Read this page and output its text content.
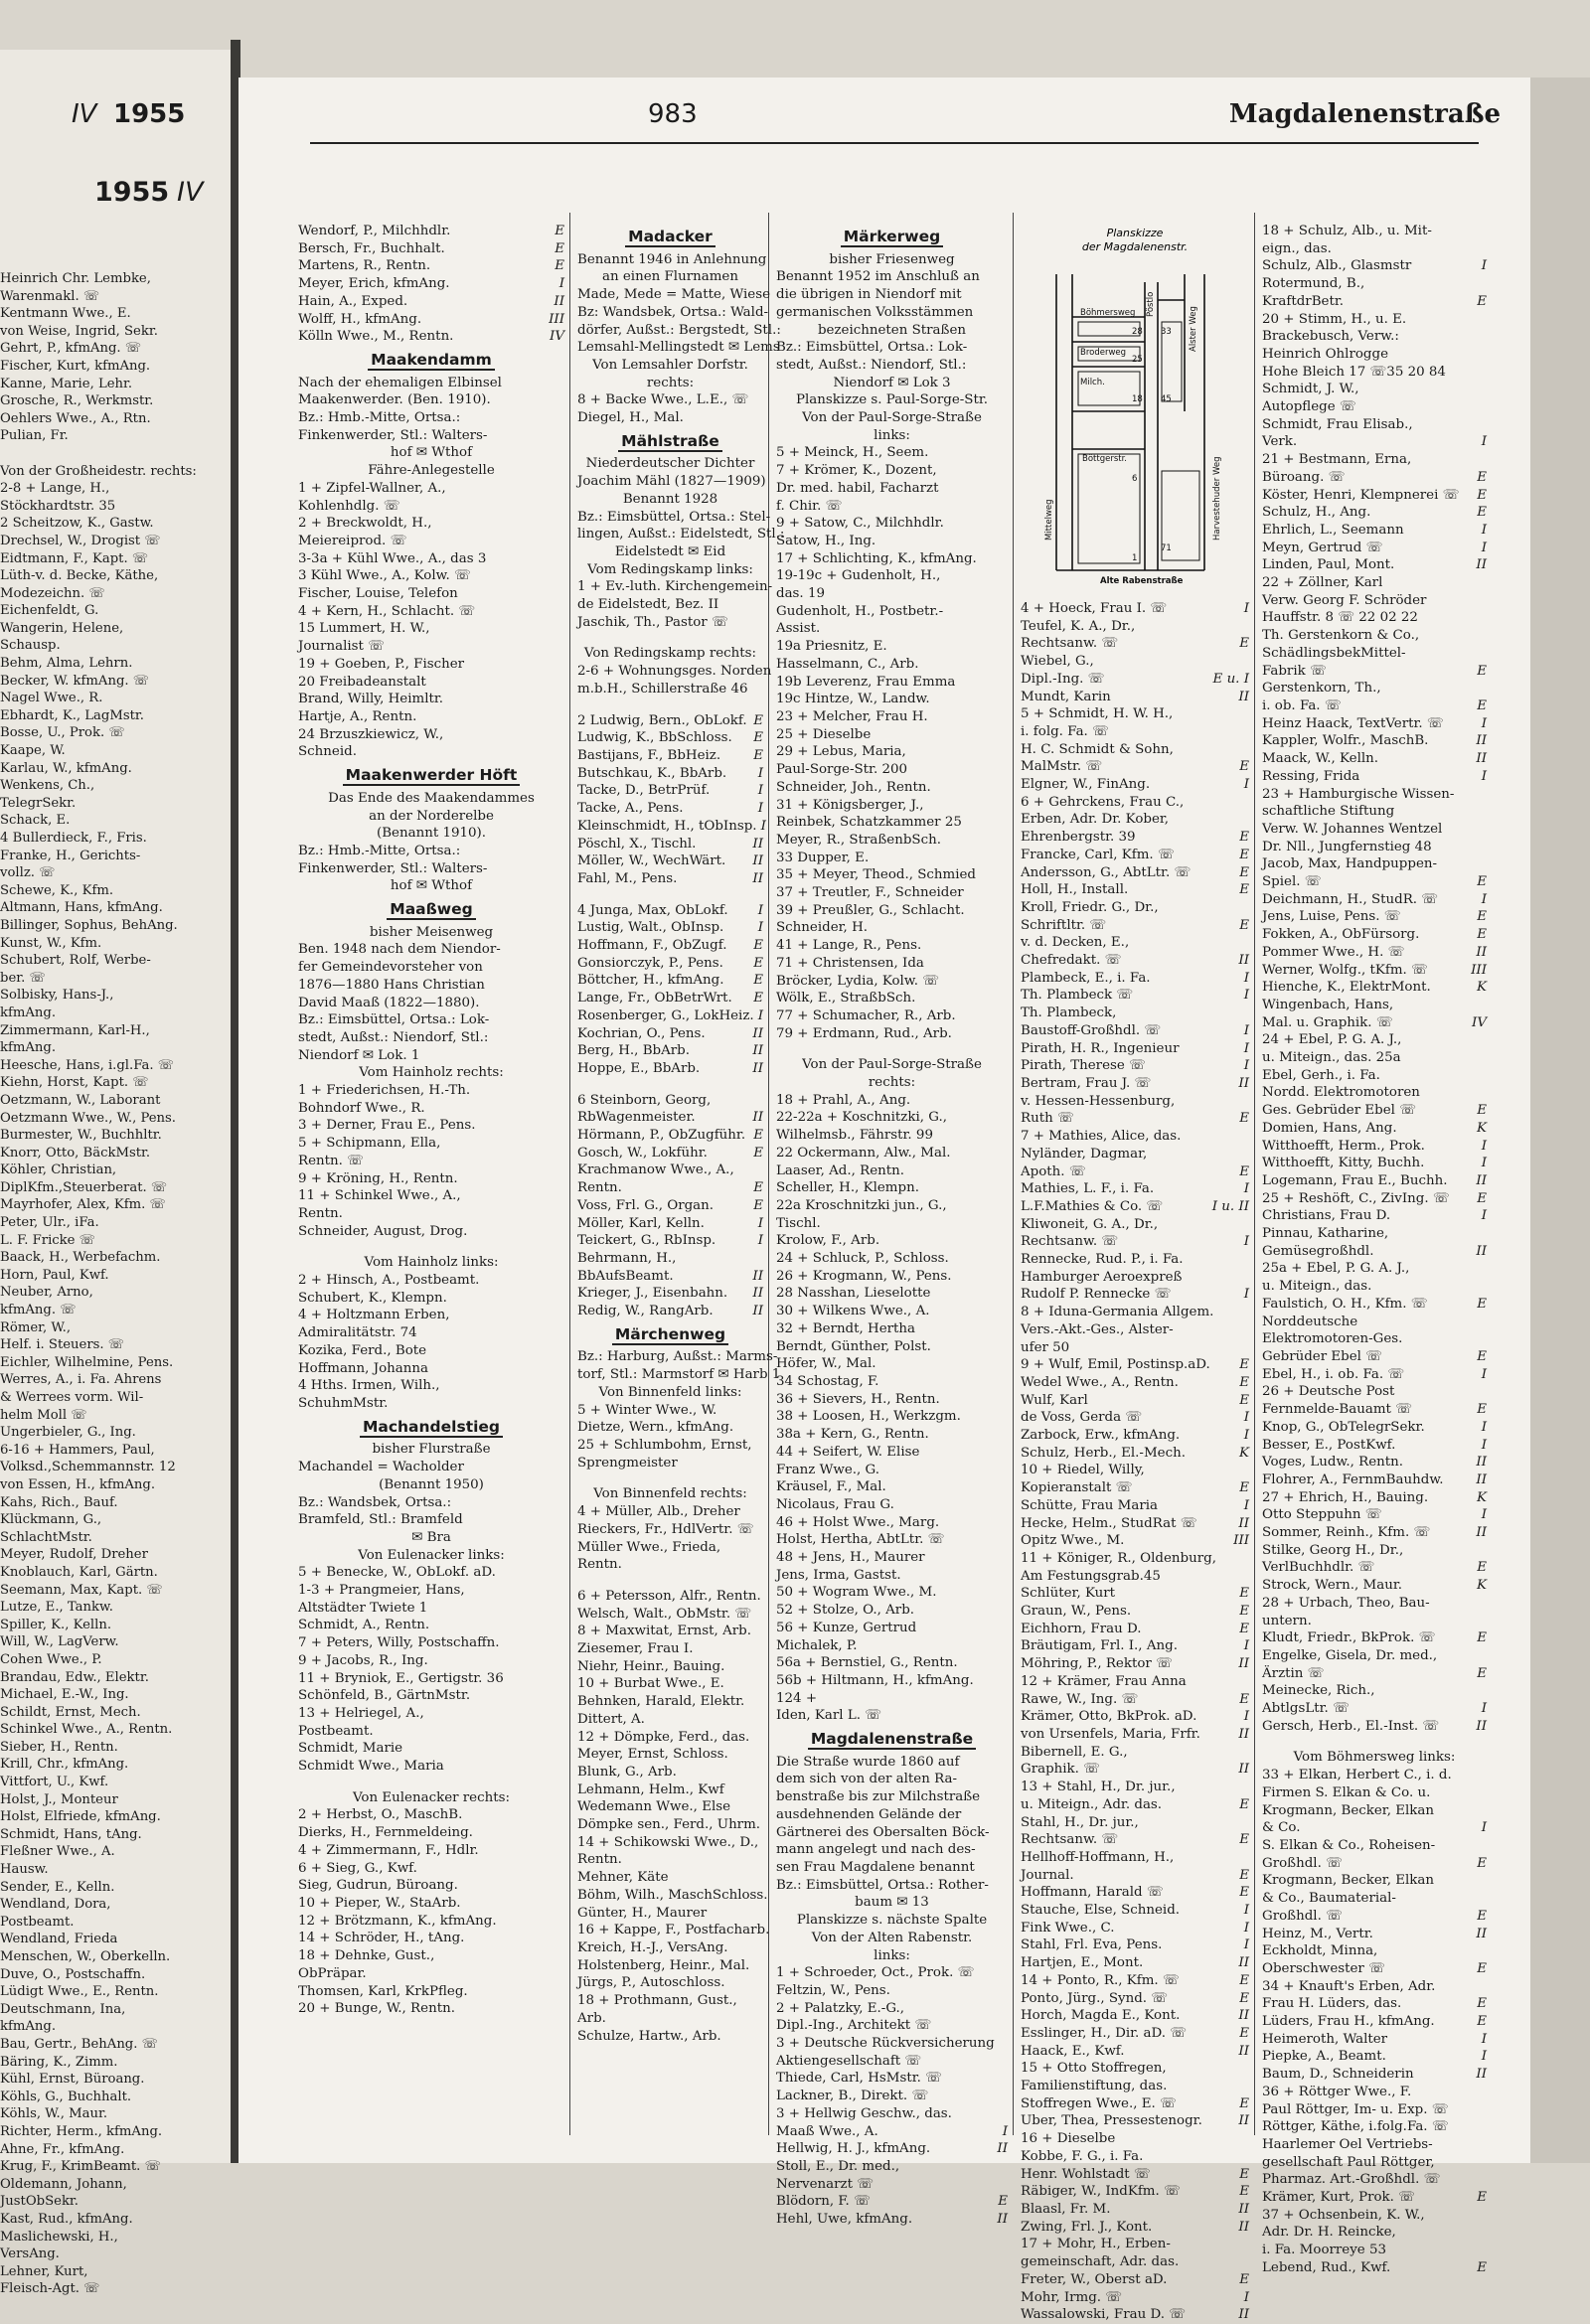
1955 IV
Heinrich Chr. Lembke,
Warenmakl. ☏
Kentmann Wwe., E.
von Weise, Ingrid, Sekr.
Gehrt, P., kfmAng. ☏
Fischer, Kurt, kfmAng.
Kanne, Marie, Lehr.
Grosche, R., Werkmstr.
Oehlers Wwe., A., Rtn.
Pulian, Fr.

Von der Großheidestr. rechts:
2-8 + Lange, H.,
Stöckhardtstr. 35
2 Scheitzow, K., Gastw.
Drechsel, W., Drogist ☏
Eidtmann, F., Kapt. ☏
Lüth-v. d. Becke, Käthe,
Modezeichn. ☏
Eichenfeldt, G.
Wangerin, Helene,
Schausp.
Behm, Alma, Lehrn.
Becker, W. kfmAng. ☏
Nagel Wwe., R.
Ebhardt, K., LagMstr.
Bosse, U., Prok. ☏
Kaape, W.
Karlau, W., kfmAng.
Wenkens, Ch.,
TelegrSekr.
Schack, E.
4 Bullerdieck, F., Fris.
Franke, H., Gerichts-
vollz. ☏
Schewe, K., Kfm.
Altmann, Hans, kfmAng.
Billinger, Sophus, BehAng.
Kunst, W., Kfm.
Schubert, Rolf, Werbe-
ber. ☏
Solbisky, Hans-J.,
kfmAng.
Zimmermann, Karl-H.,
kfmAng.
Heesche, Hans, i.gl.Fa. ☏
Kiehn, Horst, Kapt. ☏
Oetzmann, W., Laborant
Oetzmann Wwe., W., Pens.
Burmester, W., Buchhltr.
Knorr, Otto, BäckMstr.
Köhler, Christian,
DiplKfm.,Steuerberat. ☏
Mayrhofer, Alex, Kfm. ☏
Peter, Ulr., iFa.
L. F. Fricke ☏
Baack, H., Werbefachm.
Horn, Paul, Kwf.
Neuber, Arno,
kfmAng. ☏
Römer, W.,
Helf. i. Steuers. ☏
Eichler, Wilhelmine, Pens.
Werres, A., i. Fa. Ahrens
& Werrees vorm. Wil-
helm Moll ☏
Ungerbieler, G., Ing.
6-16 + Hammers, Paul,
Volksd.,Schemmannstr. 12
von Essen, H., kfmAng.
Kahs, Rich., Bauf.
Klückmann, G.,
SchlachtMstr.
Meyer, Rudolf, Dreher
Knoblauch, Karl, Gärtn.
Seemann, Max, Kapt. ☏
Lutze, E., Tankw.
Spiller, K., Kelln.
Will, W., LagVerw.
Cohen Wwe., P.
Brandau, Edw., Elektr.
Michael, E.-W., Ing.
Schildt, Ernst, Mech.
Schinkel Wwe., A., Rentn.
Sieber, H., Rentn.
Krill, Chr., kfmAng.
Vittfort, U., Kwf.
Holst, J., Monteur
Holst, Elfriede, kfmAng.
Schmidt, Hans, tAng.
Fleßner Wwe., A.
Hausw.
Sender, E., Kelln.
Wendland, Dora,
Postbeamt.
Wendland, Frieda
Menschen, W., Oberkelln.
Duve, O., Postschaffn.
Lüdigt Wwe., E., Rentn.
Deutschmann, Ina,
kfmAng.
Bau, Gertr., BehAng. ☏
Bäring, K., Zimm.
Kühl, Ernst, Büroang.
Köhls, G., Buchhalt.
Köhls, W., Maur.
Richter, Herm., kfmAng.
Ahne, Fr., kfmAng.
Krug, F., KrimBeamt. ☏
Oldemann, Johann,
JustObSekr.
Kast, Rud., kfmAng.
Maslichewski, H.,
VersAng.
Lehner, Kurt,
Fleisch-Agt. ☏
IV 1955	983	Magdalenenstraße
Wendorf, P., Milchhdlr.	E
Bersch, Fr., Buchhalt.	E
Martens, R., Rentn.	E
Meyer, Erich, kfmAng.	I
Hain, A., Exped.	II
Wolff, H., kfmAng.	III
Kölln Wwe., M., Rentn.	IV
Maakendamm
Nach der ehemaligen Elbinsel
Maakenwerder. (Ben. 1910).
Bz.: Hmb.-Mitte, Ortsa.:
Finkenwerder, Stl.: Walters-
hof ✉ Wthof
Fähre-Anlegestelle
1 + Zipfel-Wallner, A.,
Kohlenhdlg. ☏
2 + Breckwoldt, H.,
Meiereiprod. ☏
3-3a + Kühl Wwe., A., das 3
3 Kühl Wwe., A., Kolw. ☏
Fischer, Louise, Telefon
4 + Kern, H., Schlacht. ☏
15 Lummert, H. W.,
Journalist ☏
19 + Goeben, P., Fischer
20 Freibadeanstalt
Brand, Willy, Heimltr.
Hartje, A., Rentn.
24 Brzuszkiewicz, W.,
Schneid.
Maakenwerder Höft
Das Ende des Maakendammes
an der Norderelbe
(Benannt 1910).
Bz.: Hmb.-Mitte, Ortsa.:
Finkenwerder, Stl.: Walters-
hof ✉ Wthof
Maaßweg
bisher Meisenweg
Ben. 1948 nach dem Niendor-
fer Gemeindevorsteher von
1876—1880 Hans Christian
David Maaß (1822—1880).
Bz.: Eimsbüttel, Ortsa.: Lok-
stedt, Außst.: Niendorf, Stl.:
Niendorf ✉ Lok. 1
Vom Hainholz rechts:
1 + Friederichsen, H.-Th.
Bohndorf Wwe., R.
3 + Derner, Frau E., Pens.
5 + Schipmann, Ella,
Rentn. ☏
9 + Kröning, H., Rentn.
11 + Schinkel Wwe., A.,
Rentn.
Schneider, August, Drog.
Vom Hainholz links:
2 + Hinsch, A., Postbeamt.
Schubert, K., Klempn.
4 + Holtzmann Erben,
Admiralitätstr. 74
Kozika, Ferd., Bote
Hoffmann, Johanna
4 Hths. Irmen, Wilh.,
SchuhmMstr.
Machandelstieg
bisher Flurstraße
Machandel = Wacholder
(Benannt 1950)
Bz.: Wandsbek, Ortsa.:
Bramfeld, Stl.: Bramfeld
✉ Bra
Von Eulenacker links:
5 + Benecke, W., ObLokf. aD.
1-3 + Prangmeier, Hans,
Altstädter Twiete 1
Schmidt, A., Rentn.
7 + Peters, Willy, Postschaffn.
9 + Jacobs, R., Ing.
11 + Bryniok, E., Gertigstr. 36
Schönfeld, B., GärtnMstr.
13 + Helriegel, A.,
Postbeamt.
Schmidt, Marie
Schmidt Wwe., Maria
Von Eulenacker rechts:
2 + Herbst, O., MaschB.
Dierks, H., Fernmeldeing.
4 + Zimmermann, F., Hdlr.
6 + Sieg, G., Kwf.
Sieg, Gudrun, Büroang.
10 + Pieper, W., StaArb.
12 + Brötzmann, K., kfmAng.
14 + Schröder, H., tAng.
18 + Dehnke, Gust.,
ObPräpar.
Thomsen, Karl, KrkPfleg.
20 + Bunge, W., Rentn.
Madacker
Benannt 1946 in Anlehnung
an einen Flurnamen
Made, Mede = Matte, Wiese
Bz: Wandsbek, Ortsa.: Wald-
dörfer, Außst.: Bergstedt, Stl.:
Lemsahl-Mellingstedt ✉ Lems
Von Lemsahler Dorfstr.
rechts:
8 + Backe Wwe., L.E., ☏
Diegel, H., Mal.
Mählstraße
Niederdeutscher Dichter
Joachim Mähl (1827—1909)
Benannt 1928
Bz.: Eimsbüttel, Ortsa.: Stel-
lingen, Außst.: Eidelstedt, Stl.:
Eidelstedt ✉ Eid
Vom Redingskamp links:
1 + Ev.-luth. Kirchengemein-
de Eidelstedt, Bez. II
Jaschik, Th., Pastor ☏
Von Redingskamp rechts:
2-6 + Wohnungsges. Norden
m.b.H., Schillerstraße 46
2 Ludwig, Bern., ObLokf. E
Ludwig, K., BbSchloss. E
Bastijans, F., BbHeiz. E
Butschkau, K., BbArb. I
Tacke, D., BetrPrüf.	I
Tacke, A., Pens.	I
Kleinschmidt, H., tObInsp. I
Pöschl, X., Tischl.	II
Möller, W., WechWärt. II
Fahl, M., Pens.	II
4 Junga, Max, ObLokf. I
Lustig, Walt., ObInsp.	I
Hoffmann, F., ObZugf. E
Gonsiorczyk, P., Pens. E
Böttcher, H., kfmAng. E
Lange, Fr., ObBetrWrt. E
Rosenberger, G., LokHeiz. I
Kochrian, O., Pens.	II
Berg, H., BbArb.	II
Hoppe, E., BbArb.	II
6 Steinborn, Georg,
RbWagenmeister.	II
Hörmann, P., ObZugführ. E
Gosch, W., Lokführ.	E
Krachmanow Wwe., A.,
Rentn.	E
Voss, Frl. G., Organ.	E
Möller, Karl, Kelln.	I
Teickert, G., RbInsp.	I
Behrmann, H.,
BbAufsBeamt.	II
Krieger, J., Eisenbahn. II
Redig, W., RangArb.	II
Märchenweg
Bz.: Harburg, Außst.: Marms-
torf, Stl.: Marmstorf ✉ Harb 1
Von Binnenfeld links:
5 + Winter Wwe., W.
Dietze, Wern., kfmAng.
25 + Schlumbohm, Ernst,
Sprengmeister
Von Binnenfeld rechts:
4 + Müller, Alb., Dreher
Rieckers, Fr., HdlVertr. ☏
Müller Wwe., Frieda,
Rentn.
6 + Petersson, Alfr., Rentn.
Welsch, Walt., ObMstr. ☏
8 + Maxwitat, Ernst, Arb.
Ziesemer, Frau I.
Niehr, Heinr., Bauing.
10 + Burbat Wwe., E.
Behnken, Harald, Elektr.
Dittert, A.
12 + Dömpke, Ferd., das.
Meyer, Ernst, Schloss.
Blunk, G., Arb.
Lehmann, Helm., Kwf
Wedemann Wwe., Else
Dömpke sen., Ferd., Uhrm.
14 + Schikowski Wwe., D.,
Rentn.
Mehner, Käte
Böhm, Wilh., MaschSchloss.
Günter, H., Maurer
16 + Kappe, F., Postfacharb.
Kreich, H.-J., VersAng.
Holstenberg, Heinr., Mal.
Jürgs, P., Autoschloss.
18 + Prothmann, Gust.,
Arb.
Schulze, Hartw., Arb.
Märkerweg
bisher Friesenweg
Benannt 1952 im Anschluß an
die übrigen in Niendorf mit
germanischen Volksstämmen
bezeichneten Straßen
Bz.: Eimsbüttel, Ortsa.: Lok-
stedt, Außst.: Niendorf, Stl.:
Niendorf ✉ Lok 3
Planskizze s. Paul-Sorge-Str.
Von der Paul-Sorge-Straße
links:
5 + Meinck, H., Seem.
7 + Krömer, K., Dozent,
Dr. med. habil, Facharzt
f. Chir. ☏
9 + Satow, C., Milchhdlr.
Satow, H., Ing.
17 + Schlichting, K., kfmAng.
19-19c + Gudenholt, H.,
das. 19
Gudenholt, H., Postbetr.-
Assist.
19a Priesnitz, E.
Hasselmann, C., Arb.
19b Leverenz, Frau Emma
19c Hintze, W., Landw.
23 + Melcher, Frau H.
25 + Dieselbe
29 + Lebus, Maria,
Paul-Sorge-Str. 200
Schneider, Joh., Rentn.
31 + Königsberger, J.,
Reinbek, Schatzkammer 25
Meyer, R., StraßenbSch.
33 Dupper, E.
35 + Meyer, Theod., Schmied
37 + Treutler, F., Schneider
39 + Preußler, G., Schlacht.
Schneider, H.
41 + Lange, R., Pens.
71 + Christensen, Ida
Bröcker, Lydia, Kolw. ☏
Wölk, E., StraßbSch.
77 + Schumacher, R., Arb.
79 + Erdmann, Rud., Arb.
Von der Paul-Sorge-Straße
rechts:
18 + Prahl, A., Ang.
22-22a + Koschnitzki, G.,
Wilhelmsb., Fährstr. 99
22 Ockermann, Alw., Mal.
Laaser, Ad., Rentn.
Scheller, H., Klempn.
22a Kroschnitzki jun., G.,
Tischl.
Krolow, F., Arb.
24 + Schluck, P., Schloss.
26 + Krogmann, W., Pens.
28 Nasshan, Lieselotte
30 + Wilkens Wwe., A.
32 + Berndt, Hertha
Berndt, Günther, Polst.
Höfer, W., Mal.
34 Schostag, F.
36 + Sievers, H., Rentn.
38 + Loosen, H., Werkzgm.
38a + Kern, G., Rentn.
44 + Seifert, W. Elise
Franz Wwe., G.
Kräusel, F., Mal.
Nicolaus, Frau G.
46 + Holst Wwe., Marg.
Holst, Hertha, AbtLtr. ☏
48 + Jens, H., Maurer
Jens, Irma, Gastst.
50 + Wogram Wwe., M.
52 + Stolze, O., Arb.
56 + Kunze, Gertrud
Michalek, P.
56a + Bernstiel, G., Rentn.
56b + Hiltmann, H., kfmAng.
124 +
Iden, Karl L. ☏
Magdalenenstraße
Die Straße wurde 1860 auf
dem sich von der alten Ra-
benstraße bis zur Milchstraße
ausdehnenden Gelände der
Gärtnerei des Obersalten Böck-
mann angelegt und nach des-
sen Frau Magdalene benannt
Bz.: Eimsbüttel, Ortsa.: Rother-
baum ✉ 13
Planskizze s. nächste Spalte
Von der Alten Rabenstr.
links:
1 + Schroeder, Oct., Prok. ☏
Feltzin, W., Pens.
2 + Palatzky, E.-G.,
Dipl.-Ing., Architekt ☏
3 + Deutsche Rückversicherung
Aktiengesellschaft ☏
Thiede, Carl, HsMstr. ☏
Lackner, B., Direkt. ☏
3 + Hellwig Geschw., das.
Maaß Wwe., A.	I
Hellwig, H. J., kfmAng.	II
Stoll, E., Dr. med.,
Nervenarzt ☏
Blödorn, F. ☏	E
Hehl, Uwe, kfmAng.	II
Planskizze
der Magdalenenstr.
Böhmersweg
Broderweg
Milch.
Böttgerstr.
Alte Rabenstraße
28
25
18
33
45
71
6
1
Mittelweg	Harvestehuder Weg
Pöstlo
Alster Weg
4 + Hoeck, Frau I. ☏	I
Teufel, K. A., Dr.,
Rechtsanw. ☏	E
Wiebel, G.,
Dipl.-Ing. ☏	E u. I
Mundt, Karin	II
5 + Schmidt, H. W. H.,
i. folg. Fa. ☏
H. C. Schmidt & Sohn,
MalMstr. ☏	E
Elgner, W., FinAng.	I
6 + Gehrckens, Frau C.,
Erben, Adr. Dr. Kober,
Ehrenbergstr. 39	E
Francke, Carl, Kfm. ☏	E
Andersson, G., AbtLtr. ☏	E
Holl, H., Install.	E
Kroll, Friedr. G., Dr.,
Schriftltr. ☏	E
v. d. Decken, E.,
Chefredakt. ☏	II
Plambeck, E., i. Fa.	I
Th. Plambeck ☏	I
Th. Plambeck,
Baustoff-Großhdl. ☏	I
Pirath, H. R., Ingenieur	I
Pirath, Therese ☏	I
Bertram, Frau J. ☏	II
v. Hessen-Hessenburg,
Ruth ☏	E
7 + Mathies, Alice, das.
Nyländer, Dagmar,
Apoth. ☏	E
Mathies, L. F., i. Fa.	I
L.F.Mathies & Co. ☏	I u. II
Kliwoneit, G. A., Dr.,
Rechtsanw. ☏	I
Rennecke, Rud. P., i. Fa.
Hamburger Aeroexpreß
Rudolf P. Rennecke ☏	I
8 + Iduna-Germania Allgem.
Vers.-Akt.-Ges., Alster-
ufer 50
9 + Wulf, Emil, Postinsp.aD. E
Wedel Wwe., A., Rentn.	E
Wulf, Karl	E
de Voss, Gerda ☏	I
Zarbock, Erw., kfmAng.	I
Schulz, Herb., El.-Mech.	K
10 + Riedel, Willy,
Kopieranstalt ☏	E
Schütte, Frau Maria	I
Hecke, Helm., StudRat ☏	II
Opitz Wwe., M.	III
11 + Königer, R., Oldenburg,
Am Festungsgrab.45
Schlüter, Kurt	E
Graun, W., Pens.	E
Eichhorn, Frau D.	E
Bräutigam, Frl. I., Ang.	I
Möhring, P., Rektor ☏	II
12 + Krämer, Frau Anna
Rawe, W., Ing. ☏	E
Krämer, Otto, BkProk. aD.	I
von Ursenfels, Maria, Frfr.	II
Bibernell, E. G.,
Graphik. ☏	II
13 + Stahl, H., Dr. jur.,
u. Miteign., Adr. das.	E
Stahl, H., Dr. jur.,
Rechtsanw. ☏	E
Hellhoff-Hoffmann, H.,
Journal.	E
Hoffmann, Harald ☏	E
Stauche, Else, Schneid.	I
Fink Wwe., C.	I
Stahl, Frl. Eva, Pens.	I
Hartjen, E., Mont.	II
14 + Ponto, R., Kfm. ☏	E
Ponto, Jürg., Synd. ☏	E
Horch, Magda E., Kont.	II
Esslinger, H., Dir. aD. ☏	E
Haack, E., Kwf.	II
15 + Otto Stoffregen,
Familienstiftung, das.
Stoffregen Wwe., E. ☏	E
Uber, Thea, Pressestenogr.	II
16 + Dieselbe
Kobbe, F. G., i. Fa.
Henr. Wohlstadt ☏	E
Räbiger, W., IndKfm. ☏	E
Blaasl, Fr. M.	II
Zwing, Frl. J., Kont.	II
17 + Mohr, H., Erben-
gemeinschaft, Adr. das.
Freter, W., Oberst aD.	E
Mohr, Irmg. ☏	I
Wassalowski, Frau D. ☏	II
18 + Schulz, Alb., u. Mit-
eign., das.
Schulz, Alb., Glasmstr	I
Rotermund, B.,
KraftdrBetr.	E
20 + Stimm, H., u. E.
Brackebusch, Verw.:
Heinrich Ohlrogge
Hohe Bleich 17 ☏35 20 84
Schmidt, J. W.,
Autopflege ☏
Schmidt, Frau Elisab.,
Verk.	I
21 + Bestmann, Erna,
Büroang. ☏	E
Köster, Henri, Klempnerei ☏ E
Schulz, H., Ang.	E
Ehrlich, L., Seemann	I
Meyn, Gertrud ☏	I
Linden, Paul, Mont.	II
22 + Zöllner, Karl
Verw. Georg F. Schröder
Hauffstr. 8 ☏ 22 02 22
Th. Gerstenkorn & Co.,
SchädlingsbekMittel-
Fabrik ☏	E
Gerstenkorn, Th.,
i. ob. Fa. ☏	E
Heinz Haack, TextVertr. ☏	I
Kappler, Wolfr., MaschB.	II
Maack, W., Kelln.	II
Ressing, Frida	I
23 + Hamburgische Wissen-
schaftliche Stiftung
Verw. W. Johannes Wentzel
Dr. Nll., Jungfernstieg 48
Jacob, Max, Handpuppen-
Spiel. ☏	E
Deichmann, H., StudR. ☏	I
Jens, Luise, Pens. ☏	E
Fokken, A., ObFürsorg.	E
Pommer Wwe., H. ☏	II
Werner, Wolfg., tKfm. ☏	III
Hienche, K., ElektrMont.	K
Wingenbach, Hans,
Mal. u. Graphik. ☏	IV
24 + Ebel, P. G. A. J.,
u. Miteign., das. 25a
Ebel, Gerh., i. Fa.
Nordd. Elektromotoren
Ges. Gebrüder Ebel ☏	E
Domien, Hans, Ang.	K
Witthoefft, Herm., Prok.	I
Witthoefft, Kitty, Buchh.	I
Logemann, Frau E., Buchh. II
25 + Reshöft, C., ZivIng. ☏ E
Christians, Frau D.	I
Pinnau, Katharine,
Gemüsegroßhdl.	II
25a + Ebel, P. G. A. J.,
u. Miteign., das.
Faulstich, O. H., Kfm. ☏	E
Norddeutsche
Elektromotoren-Ges.
Gebrüder Ebel ☏	E
Ebel, H., i. ob. Fa. ☏	I
26 + Deutsche Post
Fernmelde-Bauamt ☏	E
Knop, G., ObTelegrSekr.	I
Besser, E., PostKwf.	I
Voges, Ludw., Rentn.	II
Flohrer, A., FernmBauhdw. II
27 + Ehrich, H., Bauing.	K
Otto Steppuhn ☏	I
Sommer, Reinh., Kfm. ☏	II
Stilke, Georg H., Dr.,
VerlBuchhdlr. ☏	E
Strock, Wern., Maur.	K
28 + Urbach, Theo, Bau-
untern.
Kludt, Friedr., BkProk. ☏	E
Engelke, Gisela, Dr. med.,
Ärztin ☏	E
Meinecke, Rich.,
AbtlgsLtr. ☏	I
Gersch, Herb., El.-Inst. ☏	II
Vom Böhmersweg links:
33 + Elkan, Herbert C., i. d.
Firmen S. Elkan & Co. u.
Krogmann, Becker, Elkan
& Co.	I
S. Elkan & Co., Roheisen-
Großhdl. ☏	E
Krogmann, Becker, Elkan
& Co., Baumaterial-
Großhdl. ☏	E
Heinz, M., Vertr.	II
Eckholdt, Minna,
Oberschwester ☏	E
34 + Knauft's Erben, Adr.
Frau H. Lüders, das.	E
Lüders, Frau H., kfmAng.	E
Heimeroth, Walter	I
Piepke, A., Beamt.	I
Baum, D., Schneiderin	II
36 + Röttger Wwe., F.
Paul Röttger, Im- u. Exp. ☏
Röttger, Käthe, i.folg.Fa. ☏
Haarlemer Oel Vertriebs-
gesellschaft Paul Röttger,
Pharmaz. Art.-Großhdl. ☏
Krämer, Kurt, Prok. ☏	E
37 + Ochsenbein, K. W.,
Adr. Dr. H. Reincke,
i. Fa. Moorreye 53
Lebend, Rud., Kwf.	E
